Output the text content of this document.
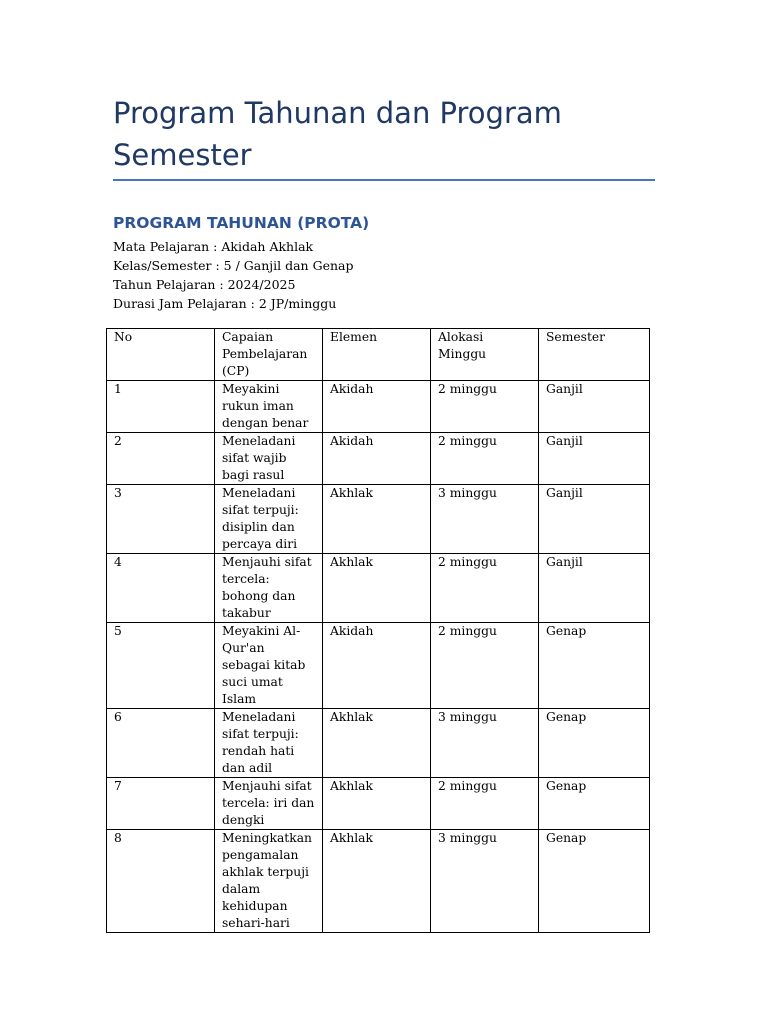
Program Tahunan dan Program Semester
PROGRAM TAHUNAN (PROTA)
Mata Pelajaran : Akidah Akhlak
Kelas/Semester : 5 / Ganjil dan Genap
Tahun Pelajaran : 2024/2025
Durasi Jam Pelajaran : 2 JP/minggu
No	Capaian Pembelajaran (CP)	Elemen	Alokasi Minggu	Semester
1	Meyakini rukun iman dengan benar	Akidah	2 minggu	Ganjil
2	Meneladani sifat wajib bagi rasul	Akidah	2 minggu	Ganjil
3	Meneladani sifat terpuji: disiplin dan percaya diri	Akhlak	3 minggu	Ganjil
4	Menjauhi sifat tercela: bohong dan takabur	Akhlak	2 minggu	Ganjil
5	Meyakini Al-Qur'an sebagai kitab suci umat Islam	Akidah	2 minggu	Genap
6	Meneladani sifat terpuji: rendah hati dan adil	Akhlak	3 minggu	Genap
7	Menjauhi sifat tercela: iri dan dengki	Akhlak	2 minggu	Genap
8	Meningkatkan pengamalan akhlak terpuji dalam kehidupan sehari-hari	Akhlak	3 minggu	Genap
